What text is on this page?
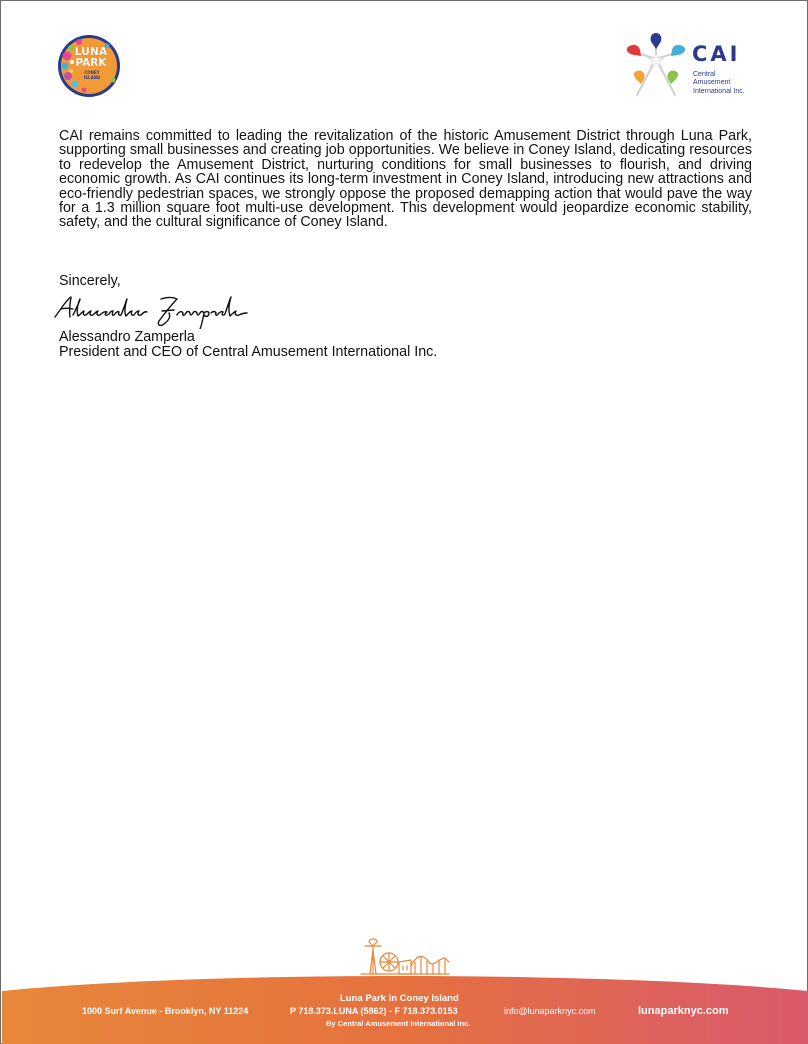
LUNA
PARK
CONEY ISLAND
CAI
Central
Amusement
International Inc.

CAI remains committed to leading the revitalization of the historic Amusement District through Luna Park, supporting small businesses and creating job opportunities. We believe in Coney Island, dedicating resources to redevelop the Amusement District, nurturing conditions for small businesses to flourish, and driving economic growth. As CAI continues its long-term investment in Coney Island, introducing new attractions and eco-friendly pedestrian spaces, we strongly oppose the proposed demapping action that would pave the way for a 1.3 million square foot multi-use development. This development would jeopardize economic stability, safety, and the cultural significance of Coney Island.

Sincerely,

Alessandro Zamperla

President and CEO of Central Amusement International Inc.

1000 Surf Avenue - Brooklyn, NY 11224
Luna Park in Coney Island
P 718.373.LUNA (5862) - F 718.373.0153
By Central Amusement International Inc.
info@lunaparknyc.com	lunaparknyc.com
